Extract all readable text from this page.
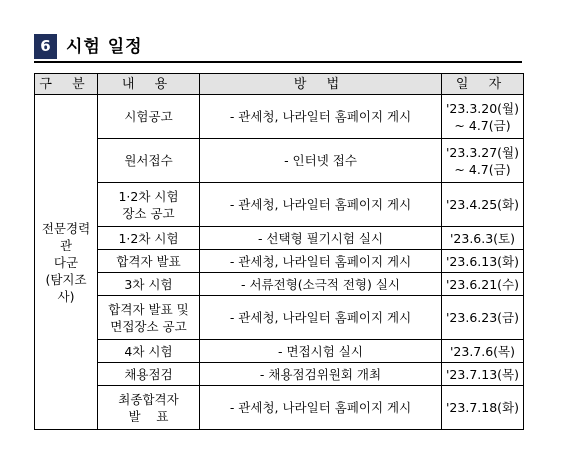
6 시험 일정
구 분	내 용	방 법	일 자

전문경력관
다군
(탐지조사)	시험공고	- 관세청, 나라일터 홈페이지 게시	'23.3.20(월)
~ 4.7(금)

	원서접수	- 인터넷 접수	'23.3.27(월)
~ 4.7(금)

	1·2차 시험
장소 공고	- 관세청, 나라일터 홈페이지 게시	'23.4.25(화)

	1·2차 시험	- 선택형 필기시험 실시	'23.6.3(토)

	합격자 발표	- 관세청, 나라일터 홈페이지 게시	'23.6.13(화)

	3차 시험	- 서류전형(소극적 전형) 실시	'23.6.21(수)

	합격자 발표 및
면접장소 공고	- 관세청, 나라일터 홈페이지 게시	'23.6.23(금)

	4차 시험	- 면접시험 실시	'23.7.6(목)

	채용점검	- 채용점검위원회 개최	'23.7.13(목)

	최종합격자
발    표	- 관세청, 나라일터 홈페이지 게시	'23.7.18(화)
